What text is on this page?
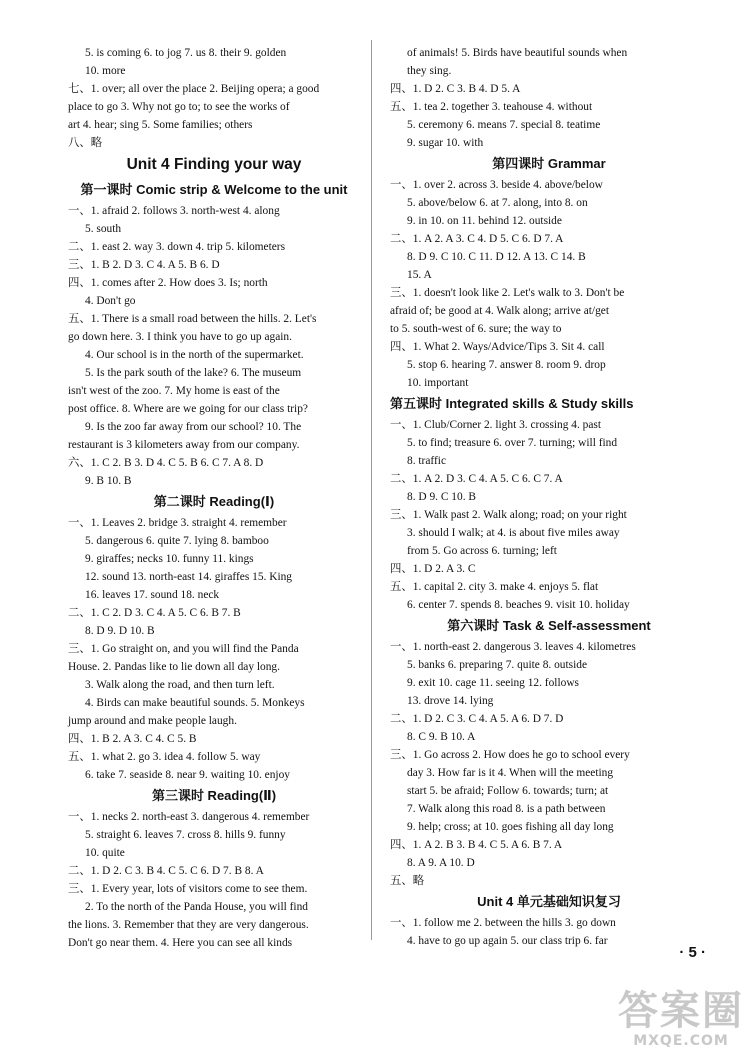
5. is coming 6. to jog 7. us 8. their 9. golden
10. more
七、1. over; all over the place 2. Beijing opera; a good
place to go 3. Why not go to; to see the works of
art 4. hear; sing 5. Some families; others
八、略
Unit 4 Finding your way
第一课时 Comic strip & Welcome to the unit
一、1. afraid 2. follows 3. north-west 4. along
5. south
二、1. east 2. way 3. down 4. trip 5. kilometers
三、1. B 2. D 3. C 4. A 5. B 6. D
四、1. comes after 2. How does 3. Is; north
4. Don't go
五、1. There is a small road between the hills. 2. Let's
go down here. 3. I think you have to go up again.
4. Our school is in the north of the supermarket.
5. Is the park south of the lake? 6. The museum
isn't west of the zoo. 7. My home is east of the
post office. 8. Where are we going for our class trip?
9. Is the zoo far away from our school? 10. The
restaurant is 3 kilometers away from our company.
六、1. C 2. B 3. D 4. C 5. B 6. C 7. A 8. D
9. B 10. B
第二课时 Reading(Ⅰ)
一、1. Leaves 2. bridge 3. straight 4. remember
5. dangerous 6. quite 7. lying 8. bamboo
9. giraffes; necks 10. funny 11. kings
12. sound 13. north-east 14. giraffes 15. King
16. leaves 17. sound 18. neck
二、1. C 2. D 3. C 4. A 5. C 6. B 7. B
8. D 9. D 10. B
三、1. Go straight on, and you will find the Panda
House. 2. Pandas like to lie down all day long.
3. Walk along the road, and then turn left.
4. Birds can make beautiful sounds. 5. Monkeys
jump around and make people laugh.
四、1. B 2. A 3. C 4. C 5. B
五、1. what 2. go 3. idea 4. follow 5. way
6. take 7. seaside 8. near 9. waiting 10. enjoy
第三课时 Reading(Ⅱ)
一、1. necks 2. north-east 3. dangerous 4. remember
5. straight 6. leaves 7. cross 8. hills 9. funny
10. quite
二、1. D 2. C 3. B 4. C 5. C 6. D 7. B 8. A
三、1. Every year, lots of visitors come to see them.
2. To the north of the Panda House, you will find
the lions. 3. Remember that they are very dangerous.
Don't go near them. 4. Here you can see all kinds
of animals! 5. Birds have beautiful sounds when
they sing.
四、1. D 2. C 3. B 4. D 5. A
五、1. tea 2. together 3. teahouse 4. without
5. ceremony 6. means 7. special 8. teatime
9. sugar 10. with
第四课时 Grammar
一、1. over 2. across 3. beside 4. above/below
5. above/below 6. at 7. along, into 8. on
9. in 10. on 11. behind 12. outside
二、1. A 2. A 3. C 4. D 5. C 6. D 7. A
8. D 9. C 10. C 11. D 12. A 13. C 14. B
15. A
三、1. doesn't look like 2. Let's walk to 3. Don't be
afraid of; be good at 4. Walk along; arrive at/get
to 5. south-west of 6. sure; the way to
四、1. What 2. Ways/Advice/Tips 3. Sit 4. call
5. stop 6. hearing 7. answer 8. room 9. drop
10. important
第五课时 Integrated skills & Study skills
一、1. Club/Corner 2. light 3. crossing 4. past
5. to find; treasure 6. over 7. turning; will find
8. traffic
二、1. A 2. D 3. C 4. A 5. C 6. C 7. A
8. D 9. C 10. B
三、1. Walk past 2. Walk along; road; on your right
3. should I walk; at 4. is about five miles away
from 5. Go across 6. turning; left
四、1. D 2. A 3. C
五、1. capital 2. city 3. make 4. enjoys 5. flat
6. center 7. spends 8. beaches 9. visit 10. holiday
第六课时 Task & Self-assessment
一、1. north-east 2. dangerous 3. leaves 4. kilometres
5. banks 6. preparing 7. quite 8. outside
9. exit 10. cage 11. seeing 12. follows
13. drove 14. lying
二、1. D 2. C 3. C 4. A 5. A 6. D 7. D
8. C 9. B 10. A
三、1. Go across 2. How does he go to school every
day 3. How far is it 4. When will the meeting
start 5. be afraid; Follow 6. towards; turn; at
7. Walk along this road 8. is a path between
9. help; cross; at 10. goes fishing all day long
四、1. A 2. B 3. B 4. C 5. A 6. B 7. A
8. A 9. A 10. D
五、略
Unit 4 单元基础知识复习
一、1. follow me 2. between the hills 3. go down
4. have to go up again 5. our class trip 6. far
· 5 ·
答案圈
MXQE.COM
